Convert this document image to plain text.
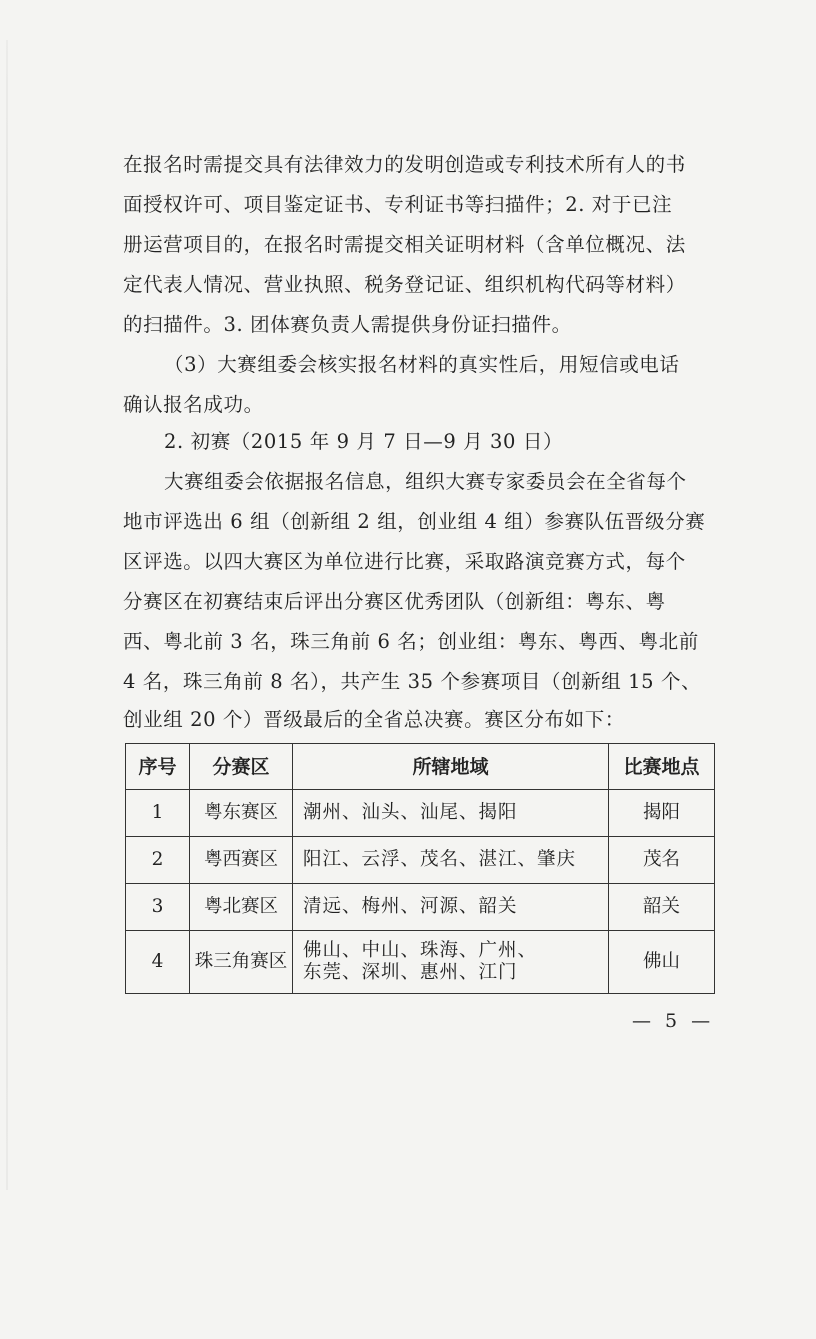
在报名时需提交具有法律效力的发明创造或专利技术所有人的书
面授权许可、项目鉴定证书、专利证书等扫描件；2. 对于已注
册运营项目的，在报名时需提交相关证明材料（含单位概况、法
定代表人情况、营业执照、税务登记证、组织机构代码等材料）
的扫描件。3. 团体赛负责人需提供身份证扫描件。
（3）大赛组委会核实报名材料的真实性后，用短信或电话
确认报名成功。
2. 初赛（2015 年 9 月 7 日—9 月 30 日）
大赛组委会依据报名信息，组织大赛专家委员会在全省每个
地市评选出 6 组（创新组 2 组，创业组 4 组）参赛队伍晋级分赛
区评选。以四大赛区为单位进行比赛，采取路演竞赛方式，每个
分赛区在初赛结束后评出分赛区优秀团队（创新组：粤东、粤
西、粤北前 3 名，珠三角前 6 名；创业组：粤东、粤西、粤北前
4 名，珠三角前 8 名），共产生 35 个参赛项目（创新组 15 个、
创业组 20 个）晋级最后的全省总决赛。赛区分布如下：
序号	分赛区	所辖地域	比赛地点
1	粤东赛区	潮州、汕头、汕尾、揭阳	揭阳
2	粤西赛区	阳江、云浮、茂名、湛江、肇庆	茂名
3	粤北赛区	清远、梅州、河源、韶关	韶关
4	珠三角赛区	佛山、中山、珠海、广州、
东莞、深圳、惠州、江门	佛山
— 5 —
